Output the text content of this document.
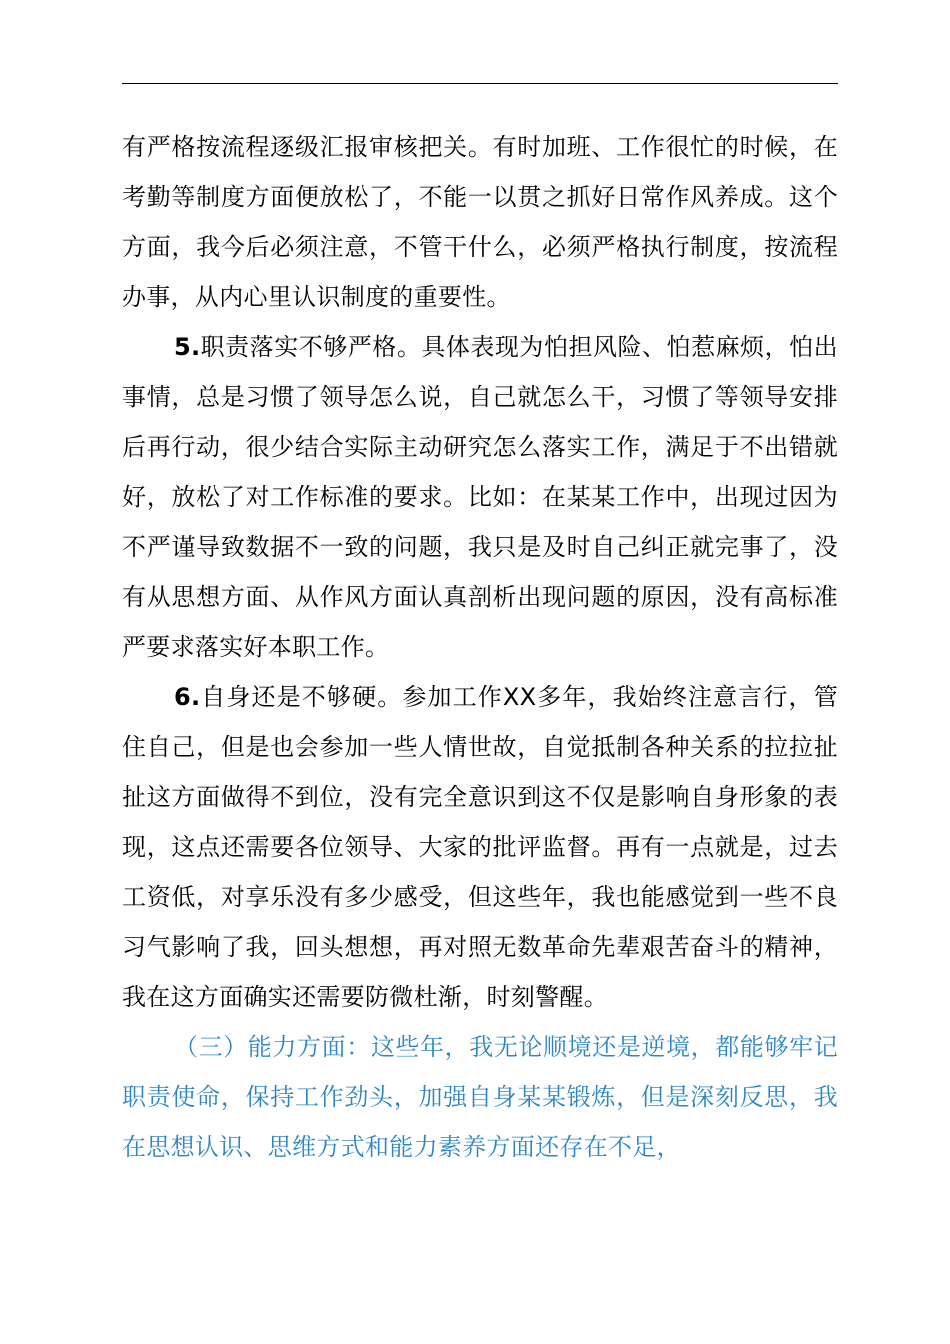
有严格按流程逐级汇报审核把关。有时加班、工作很忙的时候，在考勤等制度方面便放松了，不能一以贯之抓好日常作风养成。这个方面，我今后必须注意，不管干什么，必须严格执行制度，按流程办事，从内心里认识制度的重要性。

5.职责落实不够严格。具体表现为怕担风险、怕惹麻烦，怕出事情，总是习惯了领导怎么说，自己就怎么干，习惯了等领导安排后再行动，很少结合实际主动研究怎么落实工作，满足于不出错就好，放松了对工作标准的要求。比如：在某某工作中，出现过因为不严谨导致数据不一致的问题，我只是及时自己纠正就完事了，没有从思想方面、从作风方面认真剖析出现问题的原因，没有高标准严要求落实好本职工作。

6.自身还是不够硬。参加工作XX多年，我始终注意言行，管住自己，但是也会参加一些人情世故，自觉抵制各种关系的拉拉扯扯这方面做得不到位，没有完全意识到这不仅是影响自身形象的表现，这点还需要各位领导、大家的批评监督。再有一点就是，过去工资低，对享乐没有多少感受，但这些年，我也能感觉到一些不良习气影响了我，回头想想，再对照无数革命先辈艰苦奋斗的精神，我在这方面确实还需要防微杜渐，时刻警醒。

（三）能力方面：这些年，我无论顺境还是逆境，都能够牢记职责使命，保持工作劲头，加强自身某某锻炼，但是深刻反思，我在思想认识、思维方式和能力素养方面还存在不足，
